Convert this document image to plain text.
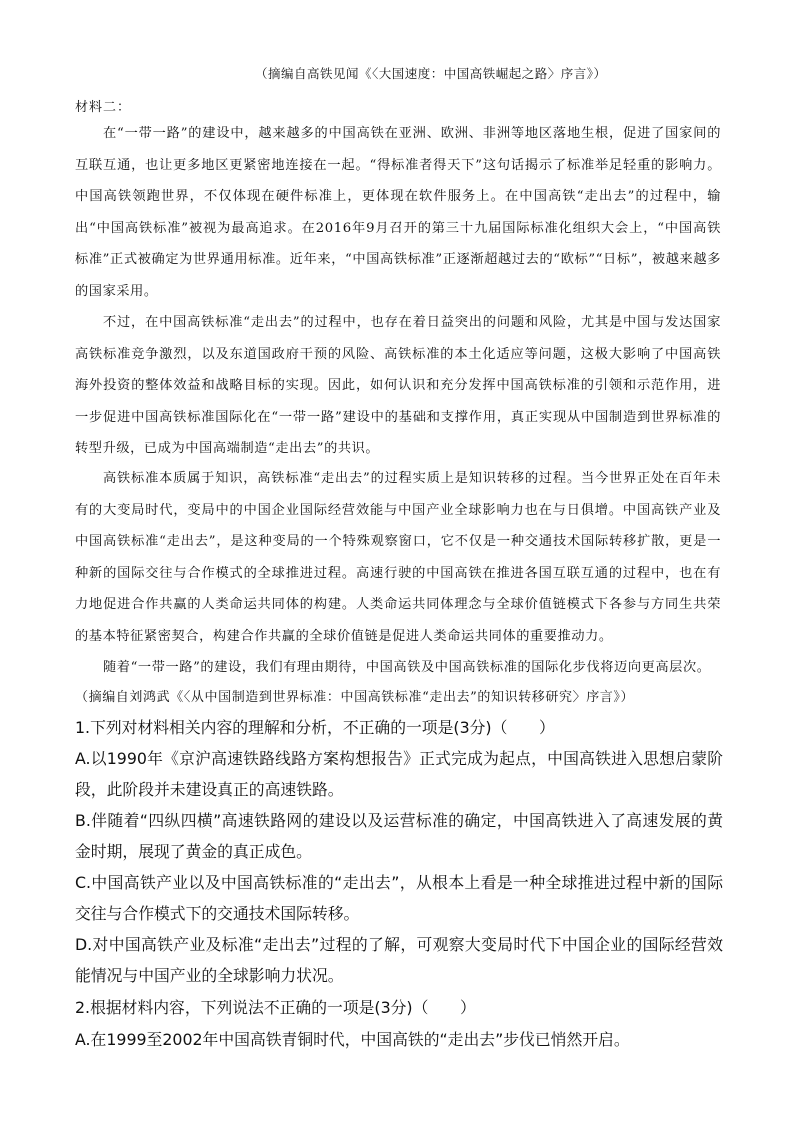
（摘编自高铁见闻《〈大国速度：中国高铁崛起之路〉序言》）
材料二：

在“一带一路”的建设中，越来越多的中国高铁在亚洲、欧洲、非洲等地区落地生根，促进了国家间的互联互通，也让更多地区更紧密地连接在一起。“得标准者得天下”这句话揭示了标准举足轻重的影响力。中国高铁领跑世界，不仅体现在硬件标准上，更体现在软件服务上。在中国高铁“走出去”的过程中，输出“中国高铁标准”被视为最高追求。在2016年9月召开的第三十九届国际标准化组织大会上，“中国高铁标准”正式被确定为世界通用标准。近年来，“中国高铁标准”正逐渐超越过去的“欧标”“日标”，被越来越多的国家采用。

不过，在中国高铁标准“走出去”的过程中，也存在着日益突出的问题和风险，尤其是中国与发达国家高铁标准竞争激烈，以及东道国政府干预的风险、高铁标准的本土化适应等问题，这极大影响了中国高铁海外投资的整体效益和战略目标的实现。因此，如何认识和充分发挥中国高铁标准的引领和示范作用，进一步促进中国高铁标准国际化在“一带一路”建设中的基础和支撑作用，真正实现从中国制造到世界标准的转型升级，已成为中国高端制造“走出去”的共识。

高铁标准本质属于知识，高铁标准“走出去”的过程实质上是知识转移的过程。当今世界正处在百年未有的大变局时代，变局中的中国企业国际经营效能与中国产业全球影响力也在与日俱增。中国高铁产业及中国高铁标准“走出去”，是这种变局的一个特殊观察窗口，它不仅是一种交通技术国际转移扩散，更是一种新的国际交往与合作模式的全球推进过程。高速行驶的中国高铁在推进各国互联互通的过程中，也在有力地促进合作共赢的人类命运共同体的构建。人类命运共同体理念与全球价值链模式下各参与方同生共荣的基本特征紧密契合，构建合作共赢的全球价值链是促进人类命运共同体的重要推动力。

随着“一带一路”的建设，我们有理由期待，中国高铁及中国高铁标准的国际化步伐将迈向更高层次。

（摘编自刘鸿武《〈从中国制造到世界标准：中国高铁标准“走出去”的知识转移研究〉序言》）

1.下列对材料相关内容的理解和分析，不正确的一项是(3分)（　　）

A.以1990年《京沪高速铁路线路方案构想报告》正式完成为起点，中国高铁进入思想启蒙阶段，此阶段并未建设真正的高速铁路。

B.伴随着“四纵四横”高速铁路网的建设以及运营标准的确定，中国高铁进入了高速发展的黄金时期，展现了黄金的真正成色。

C.中国高铁产业以及中国高铁标准的“走出去”，从根本上看是一种全球推进过程中新的国际交往与合作模式下的交通技术国际转移。

D.对中国高铁产业及标准“走出去”过程的了解，可观察大变局时代下中国企业的国际经营效能情况与中国产业的全球影响力状况。

2.根据材料内容，下列说法不正确的一项是(3分)（　　）

A.在1999至2002年中国高铁青铜时代，中国高铁的“走出去”步伐已悄然开启。
